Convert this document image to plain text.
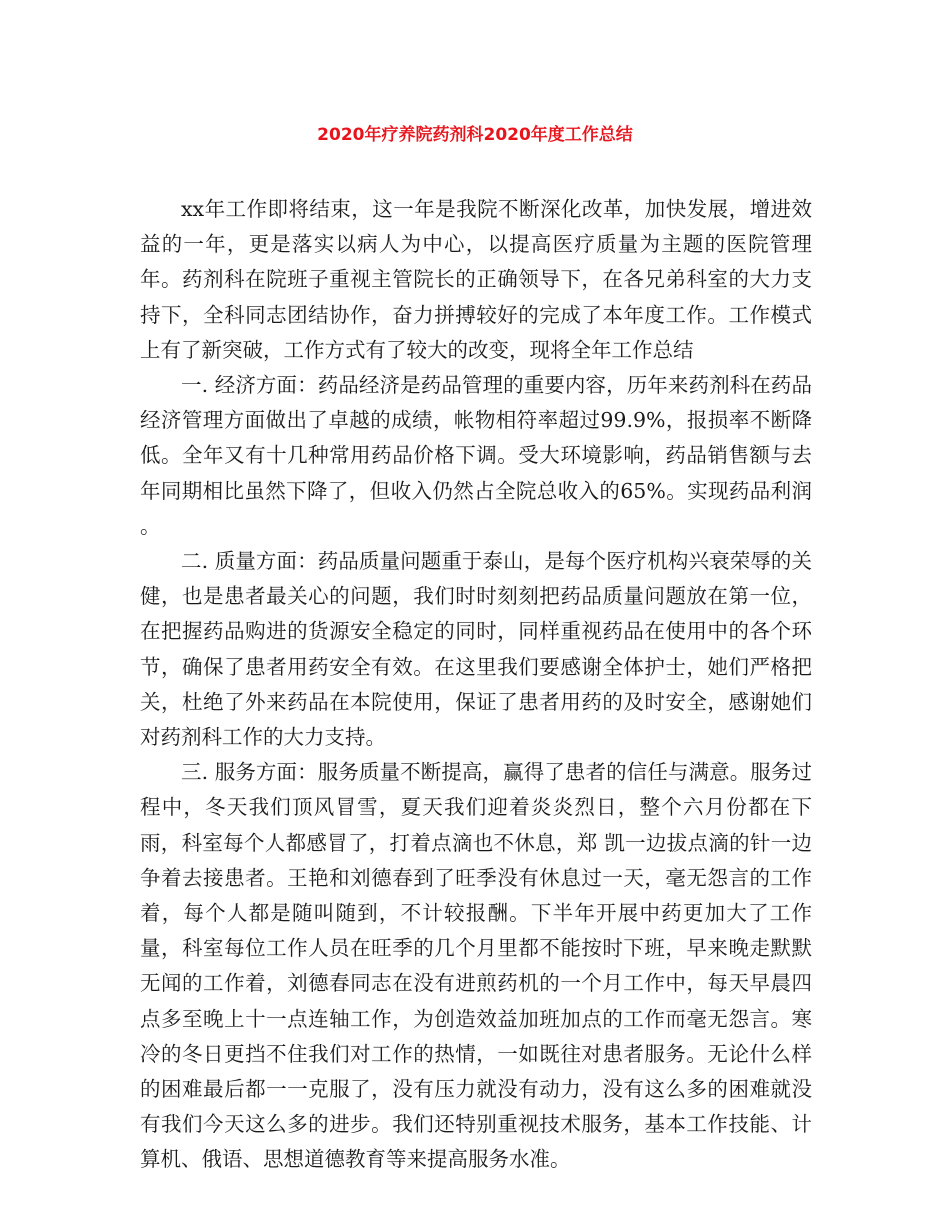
2020年疗养院药剂科2020年度工作总结

xx年工作即将结束，这一年是我院不断深化改革，加快发展，增进效益的一年，更是落实以病人为中心，以提高医疗质量为主题的医院管理年。药剂科在院班子重视主管院长的正确领导下，在各兄弟科室的大力支持下，全科同志团结协作，奋力拼搏较好的完成了本年度工作。工作模式上有了新突破，工作方式有了较大的改变，现将全年工作总结

一. 经济方面：药品经济是药品管理的重要内容，历年来药剂科在药品经济管理方面做出了卓越的成绩，帐物相符率超过99.9%，报损率不断降低。全年又有十几种常用药品价格下调。受大环境影响，药品销售额与去年同期相比虽然下降了，但收入仍然占全院总收入的65%。实现药品利润 。

二. 质量方面：药品质量问题重于泰山，是每个医疗机构兴衰荣辱的关健，也是患者最关心的问题，我们时时刻刻把药品质量问题放在第一位，在把握药品购进的货源安全稳定的同时，同样重视药品在使用中的各个环节，确保了患者用药安全有效。在这里我们要感谢全体护士，她们严格把关，杜绝了外来药品在本院使用，保证了患者用药的及时安全，感谢她们对药剂科工作的大力支持。

三. 服务方面：服务质量不断提高，赢得了患者的信任与满意。服务过程中，冬天我们顶风冒雪，夏天我们迎着炎炎烈日，整个六月份都在下雨，科室每个人都感冒了，打着点滴也不休息，郑 凯一边拔点滴的针一边争着去接患者。王艳和刘德春到了旺季没有休息过一天，毫无怨言的工作着，每个人都是随叫随到，不计较报酬。下半年开展中药更加大了工作量，科室每位工作人员在旺季的几个月里都不能按时下班，早来晚走默默无闻的工作着，刘德春同志在没有进煎药机的一个月工作中，每天早晨四点多至晚上十一点连轴工作，为创造效益加班加点的工作而毫无怨言。寒冷的冬日更挡不住我们对工作的热情，一如既往对患者服务。无论什么样的困难最后都一一克服了，没有压力就没有动力，没有这么多的困难就没有我们今天这么多的进步。我们还特别重视技术服务，基本工作技能、计算机、俄语、思想道德教育等来提高服务水准。
